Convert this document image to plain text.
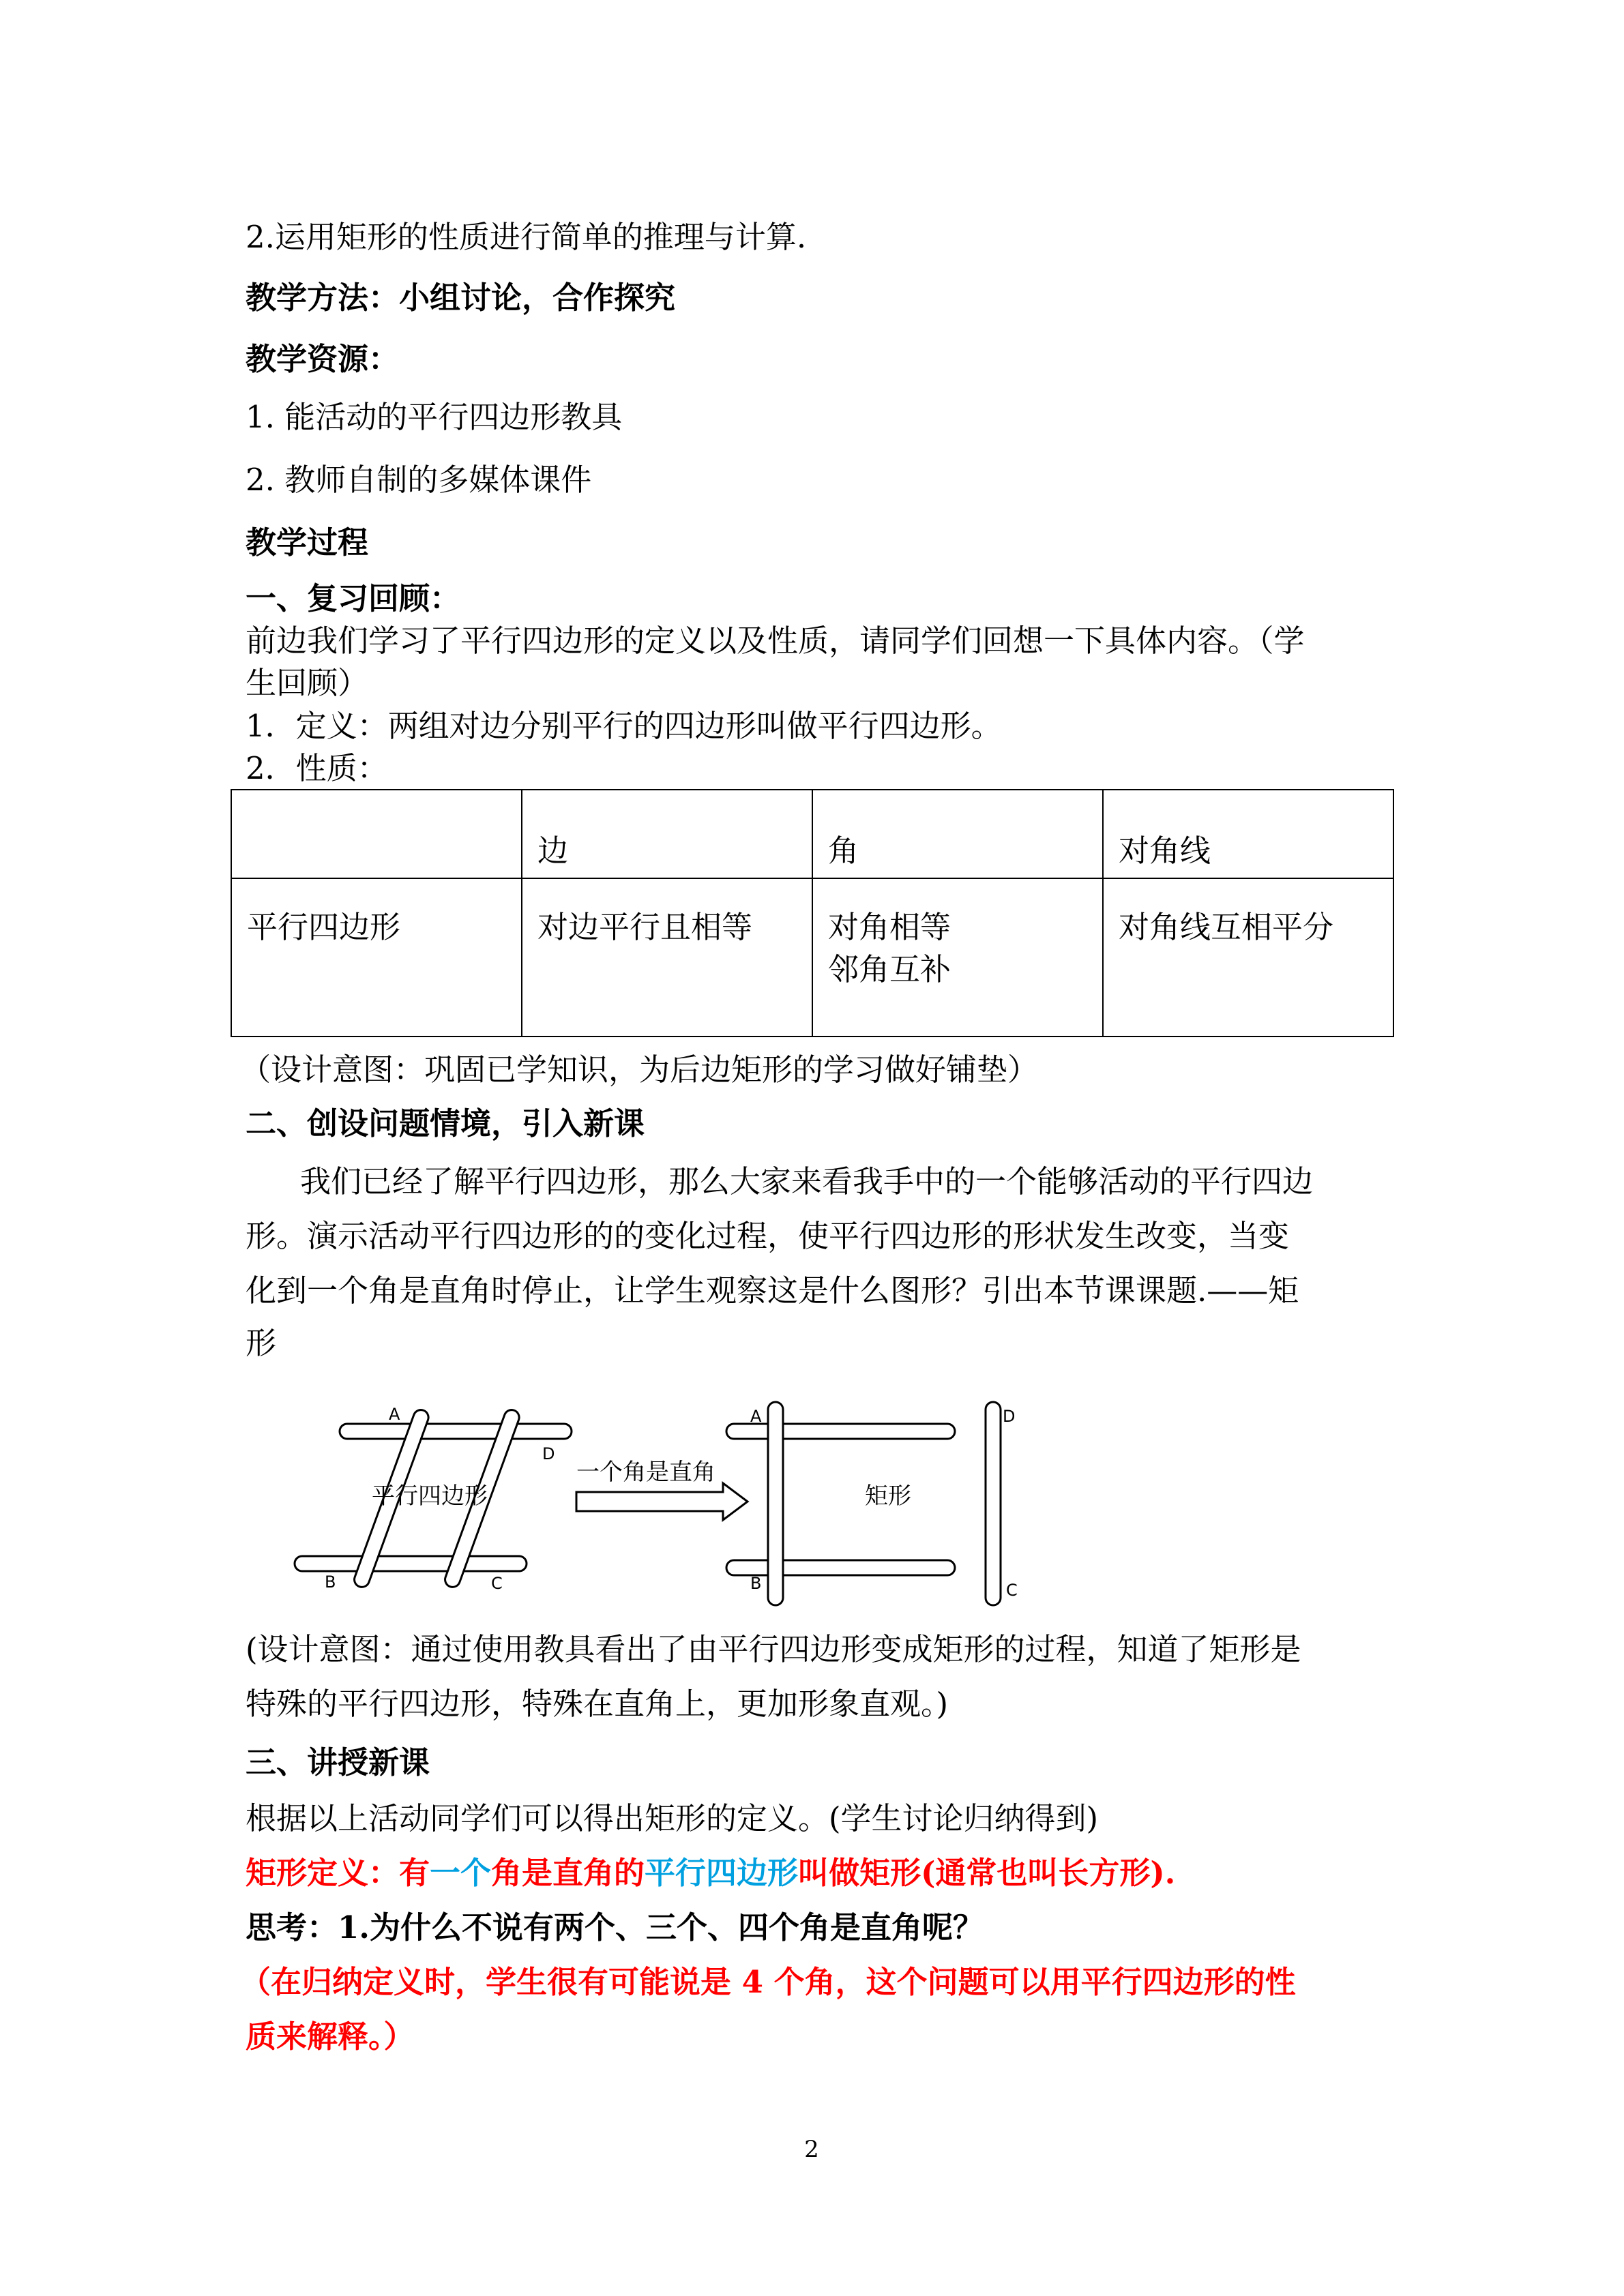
2.运用矩形的性质进行简单的推理与计算.
教学方法：小组讨论，合作探究
教学资源：
1. 能活动的平行四边形教具
2. 教师自制的多媒体课件
教学过程
一、复习回顾：
前边我们学习了平行四边形的定义以及性质，请同学们回想一下具体内容。（学
生回顾）
1．定义：两组对边分别平行的四边形叫做平行四边形。
2．性质：
	边	角	对角线
平行四边形	对边平行且相等	对角相等
邻角互补	对角线互相平分
（设计意图：巩固已学知识，为后边矩形的学习做好铺垫）
二、创设问题情境，引入新课
我们已经了解平行四边形，那么大家来看我手中的一个能够活动的平行四边
形。演示活动平行四边形的的变化过程，使平行四边形的形状发生改变，当变
化到一个角是直角时停止，让学生观察这是什么图形？引出本节课课题.——矩
形
A
D
B	C
A	D
B	C
平行四边形
一个角是直角
矩形
(设计意图：通过使用教具看出了由平行四边形变成矩形的过程，知道了矩形是
特殊的平行四边形，特殊在直角上，更加形象直观。)
三、讲授新课
根据以上活动同学们可以得出矩形的定义。(学生讨论归纳得到)
矩形定义：有一个角是直角的平行四边形叫做矩形(通常也叫长方形).
思考：1.为什么不说有两个、三个、四个角是直角呢？
（在归纳定义时，学生很有可能说是 4 个角，这个问题可以用平行四边形的性
质来解释。）
2
